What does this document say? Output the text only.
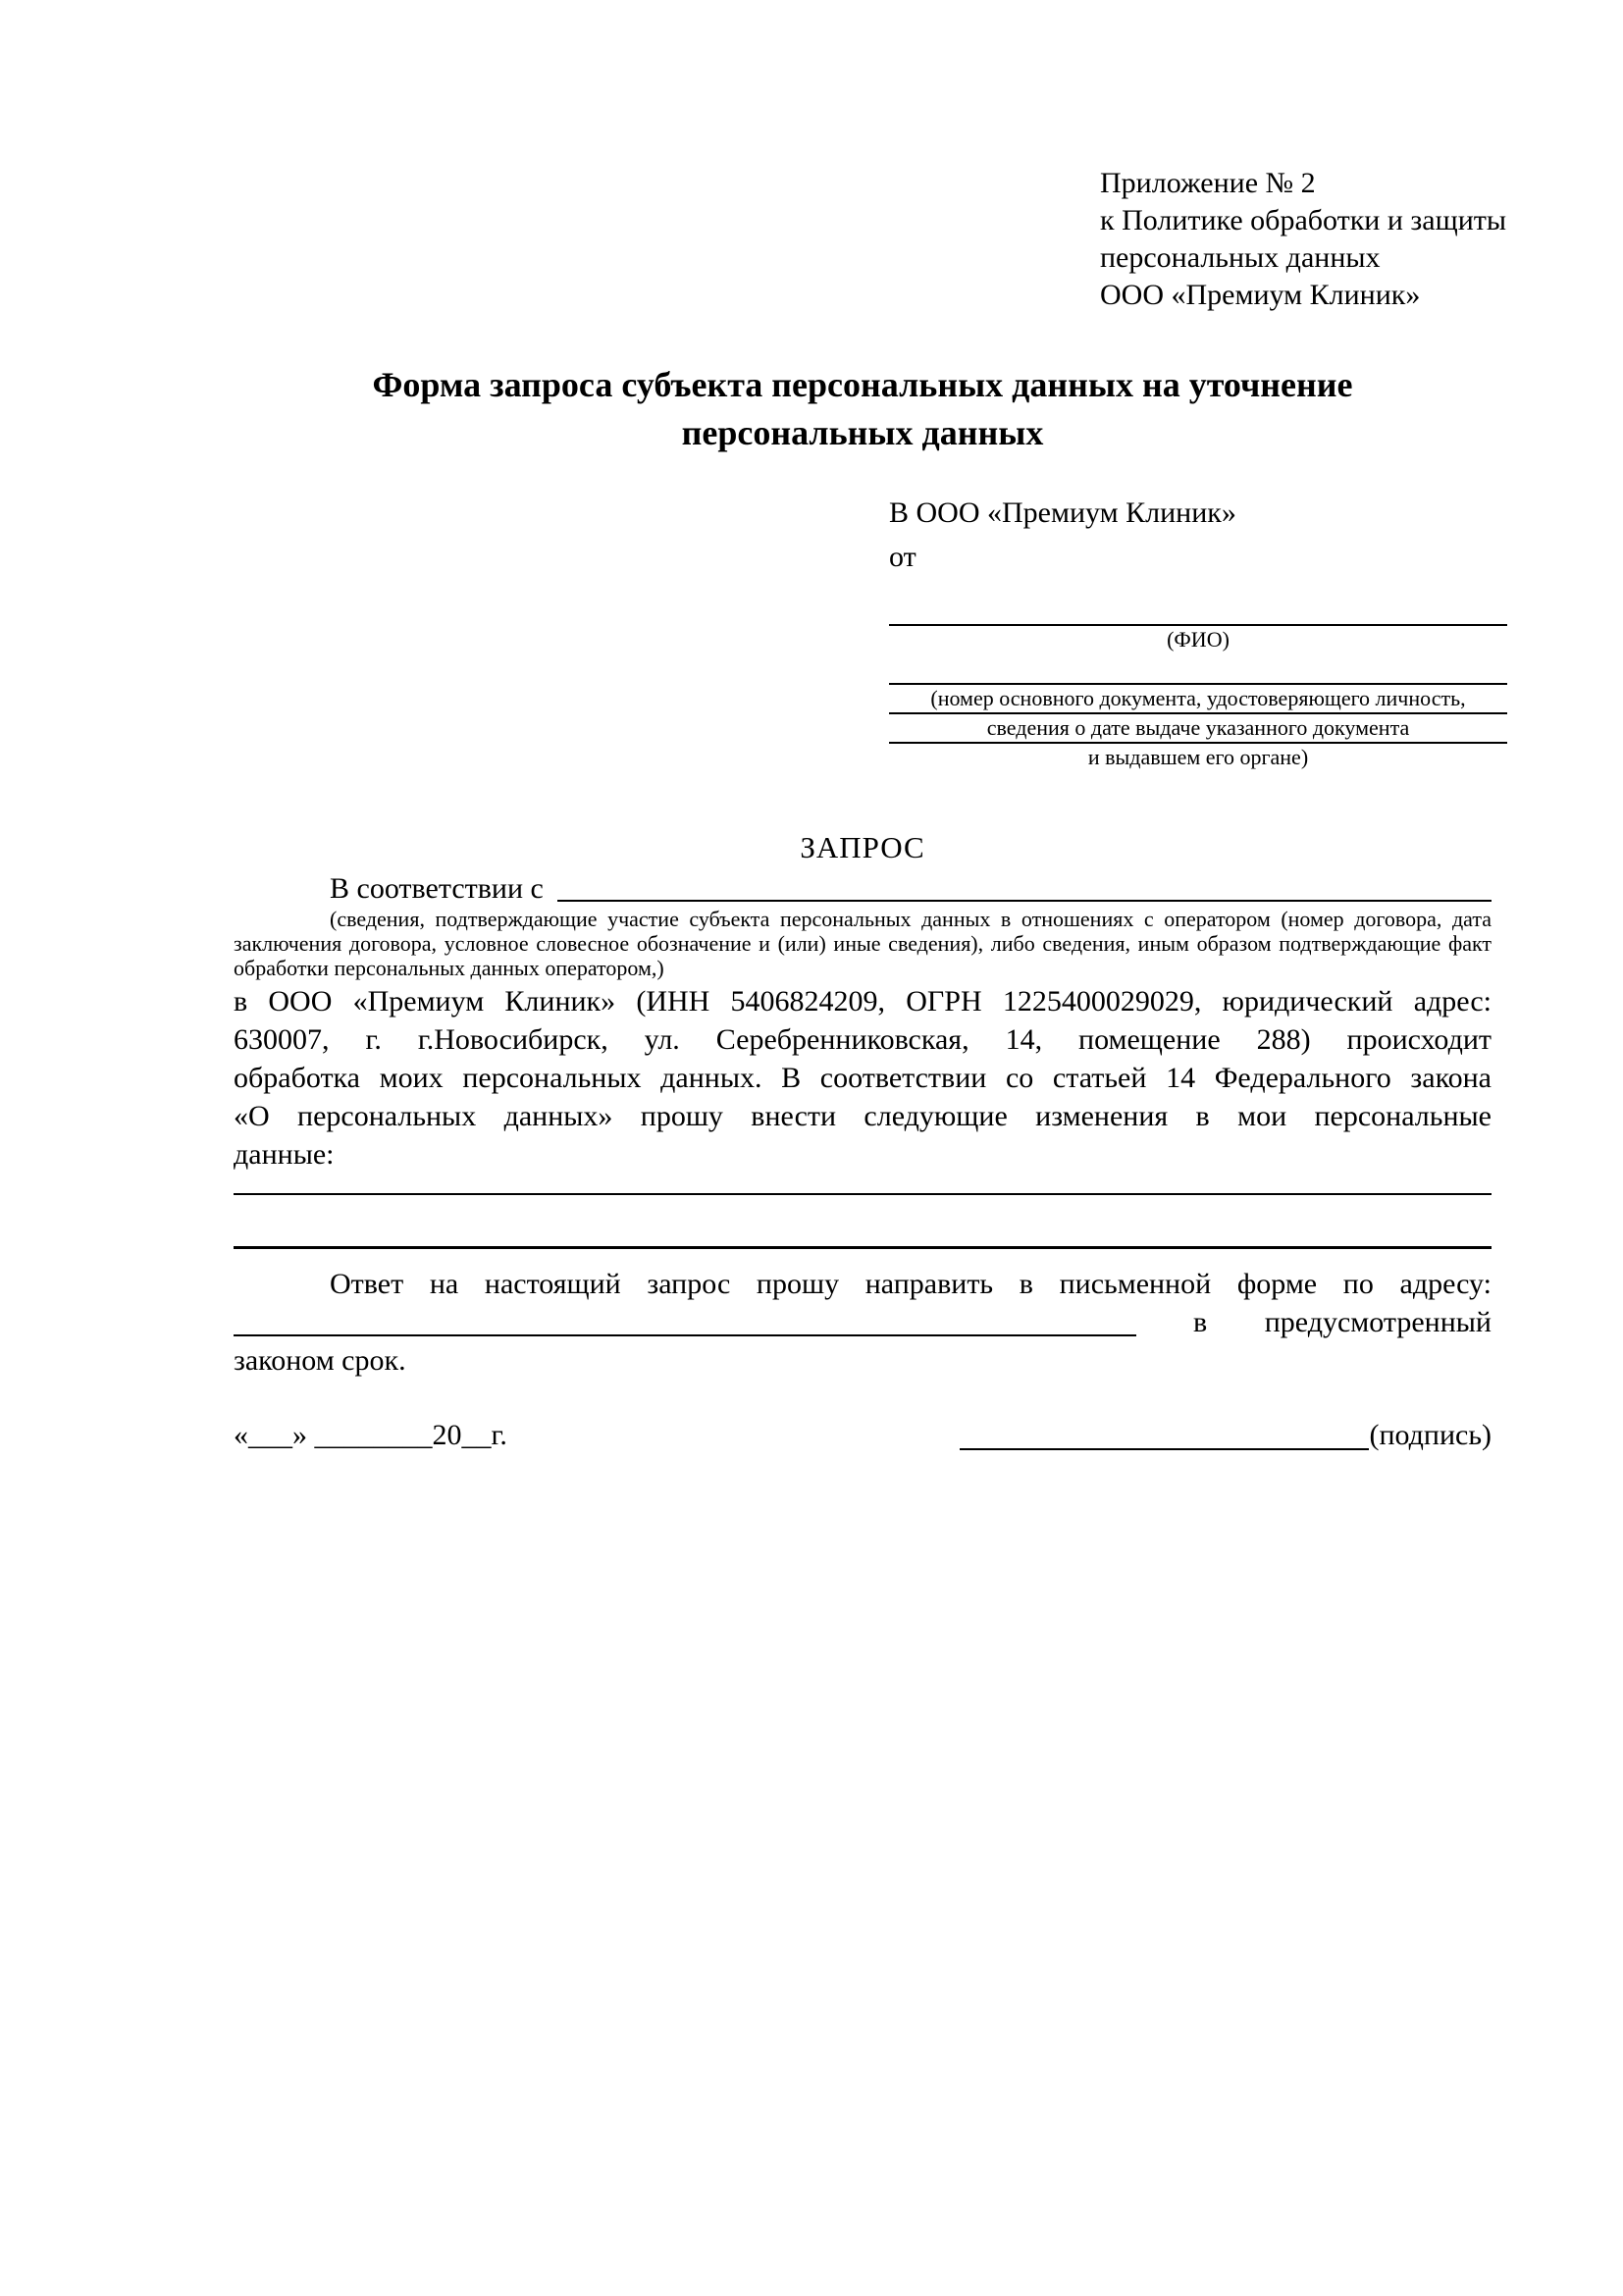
Приложение № 2
к Политике обработки и защиты
персональных данных
ООО «Премиум Клиник»
Форма запроса субъекта персональных данных на уточнение персональных данных
В ООО «Премиум Клиник»
от
(ФИО)
(номер основного документа, удостоверяющего личность,
сведения о дате выдаче указанного документа
и выдавшем его органе)
ЗАПРОС
В соответствии с
(сведения, подтверждающие участие субъекта персональных данных в отношениях с оператором (номер договора, дата
заключения договора, условное словесное обозначение и (или) иные сведения), либо сведения, иным образом подтверждающие факт
обработки персональных данных оператором,)
в ООО «Премиум Клиник» (ИНН 5406824209, ОГРН 1225400029029, юридический адрес:
630007, г. г.Новосибирск, ул. Серебренниковская, 14, помещение 288) происходит
обработка моих персональных данных. В соответствии со статьей 14 Федерального закона
«О персональных данных» прошу внести следующие изменения в мои персональные
данные:
Ответ на настоящий запрос прошу направить в письменной форме по адресу:
в предусмотренный
законом срок.
«___» ________20__г.	(подпись)
